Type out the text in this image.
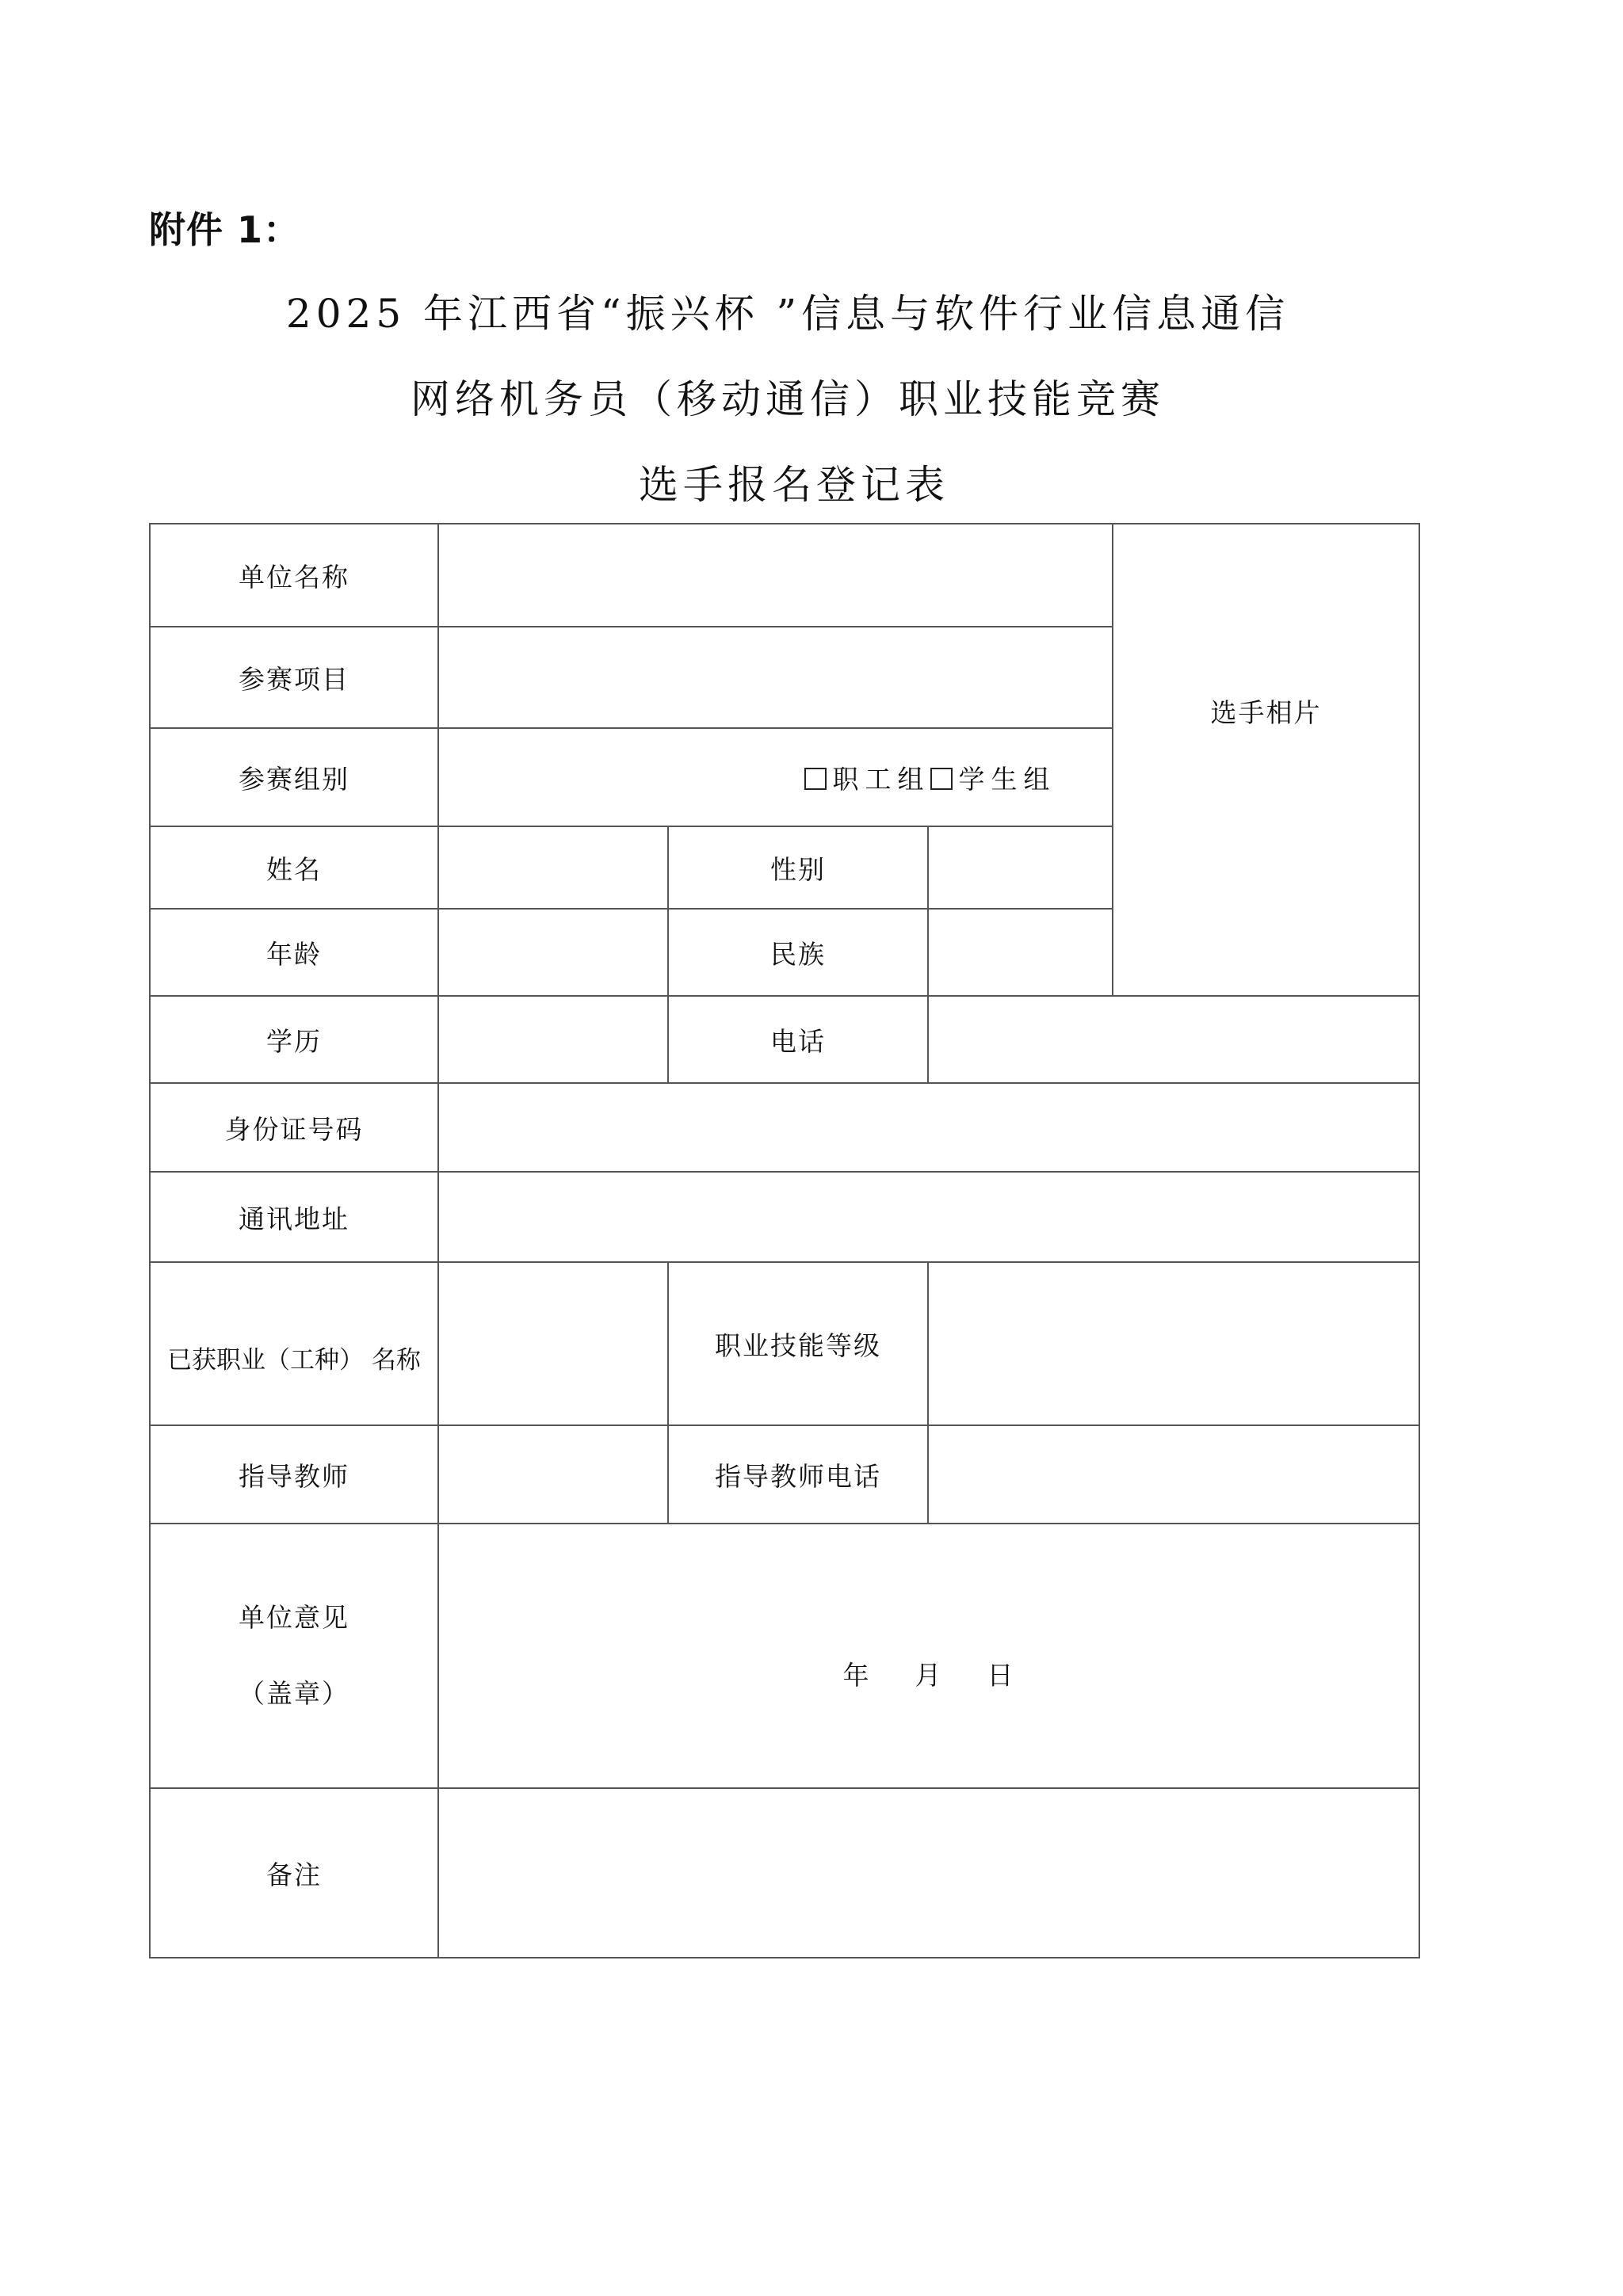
附件 1：
2025 年江西省“振兴杯 ”信息与软件行业信息通信
网络机务员（移动通信）职业技能竞赛
选手报名登记表
单位名称				选手相片
参赛项目				
参赛组别	职工组 学生组			
姓名		性别		
年龄		民族		
学历		电话		
身份证号码				
通讯地址				
已获职业（工种） 名称		职业技能等级		
指导教师		指导教师电话		

单位意见
（盖章）	年 月 日			
备注				
